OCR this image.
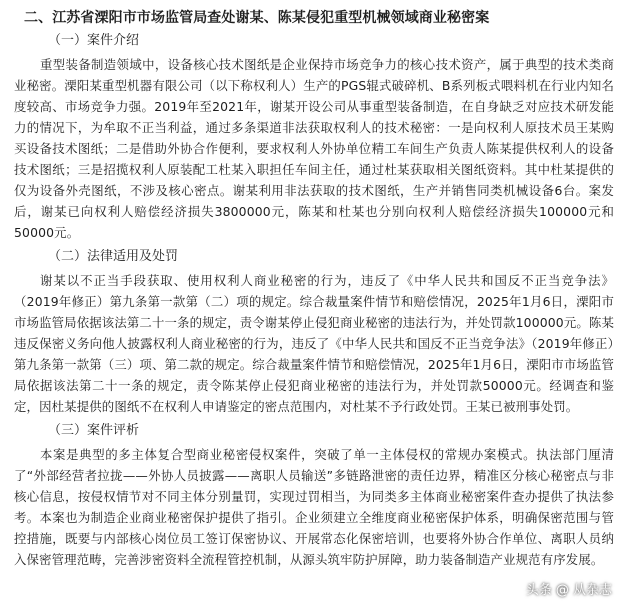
二、江苏省溧阳市市场监管局查处谢某、陈某侵犯重型机械领域商业秘密案
（一）案件介绍

重型装备制造领域中，设备核心技术图纸是企业保持市场竞争力的核心技术资产，属于典型的技术类商业秘密。溧阳某重型机器有限公司（以下称权利人）生产的PGS辊式破碎机、B系列板式喂料机在行业内知名度较高、市场竞争力强。2019年至2021年，谢某开设公司从事重型装备制造，在自身缺乏对应技术研发能力的情况下，为牟取不正当利益，通过多条渠道非法获取权利人的技术秘密：一是向权利人原技术员王某购买设备技术图纸；二是借助外协合作便利，要求权利人外协单位精工车间生产负责人陈某提供权利人的设备技术图纸；三是招揽权利人原装配工杜某入职担任车间主任，通过杜某获取相关图纸资料。其中杜某提供的仅为设备外壳图纸，不涉及核心密点。谢某利用非法获取的技术图纸，生产并销售同类机械设备6台。案发后，谢某已向权利人赔偿经济损失3800000元，陈某和杜某也分别向权利人赔偿经济损失100000元和50000元。

（二）法律适用及处罚

谢某以不正当手段获取、使用权利人商业秘密的行为，违反了《中华人民共和国反不正当竞争法》（2019年修正）第九条第一款第（二）项的规定。综合裁量案件情节和赔偿情况，2025年1月6日，溧阳市市场监管局依据该法第二十一条的规定，责令谢某停止侵犯商业秘密的违法行为，并处罚款100000元。陈某违反保密义务向他人披露权利人商业秘密的行为，违反了《中华人民共和国反不正当竞争法》（2019年修正）第九条第一款第（三）项、第二款的规定。综合裁量案件情节和赔偿情况，2025年1月6日，溧阳市市场监管局依据该法第二十一条的规定，责令陈某停止侵犯商业秘密的违法行为，并处罚款50000元。经调查和鉴定，因杜某提供的图纸不在权利人申请鉴定的密点范围内，对杜某不予行政处罚。王某已被刑事处罚。

（三）案件评析

本案是典型的多主体复合型商业秘密侵权案件，突破了单一主体侵权的常规办案模式。执法部门厘清了“外部经营者拉拢——外协人员披露——离职人员输送”多链路泄密的责任边界，精准区分核心秘密点与非核心信息，按侵权情节对不同主体分别量罚，实现过罚相当，为同类多主体商业秘密案件查办提供了执法参考。本案也为制造企业商业秘密保护提供了指引。企业须建立全维度商业秘密保护体系，明确保密范围与管控措施，既要与内部核心岗位员工签订保密协议、开展常态化保密培训，也要将外协合作单位、离职人员纳入保密管理范畴，完善涉密资料全流程管控机制，从源头筑牢防护屏障，助力装备制造产业规范有序发展。

头条 @ 从杂志
